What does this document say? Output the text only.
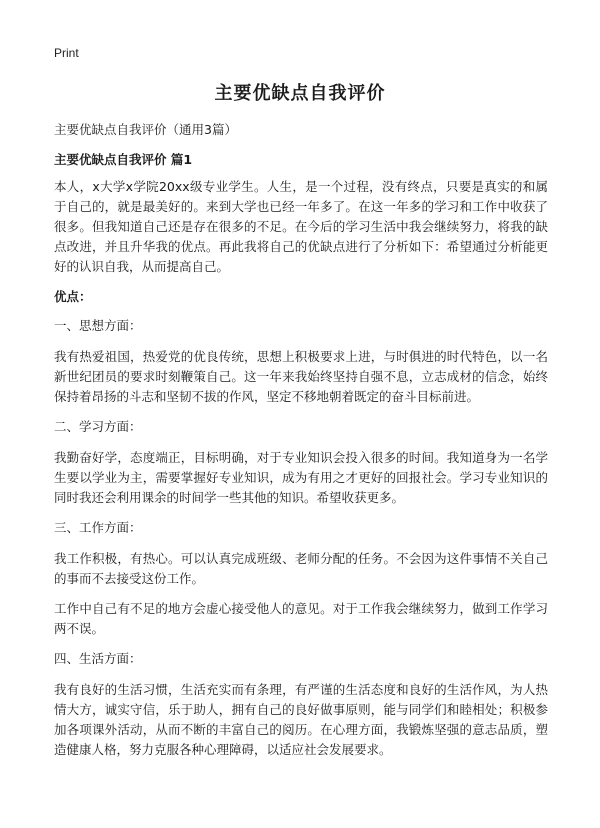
Print
主要优缺点自我评价

主要优缺点自我评价（通用3篇）

主要优缺点自我评价 篇1

本人，x大学x学院20xx级专业学生。人生，是一个过程，没有终点，只要是真实的和属于自己的，就是最美好的。来到大学也已经一年多了。在这一年多的学习和工作中收获了很多。但我知道自己还是存在很多的不足。在今后的学习生活中我会继续努力，将我的缺点改进，并且升华我的优点。再此我将自己的优缺点进行了分析如下：希望通过分析能更好的认识自我，从而提高自己。

优点：

一、思想方面：

我有热爱祖国，热爱党的优良传统，思想上积极要求上进，与时俱进的时代特色，以一名新世纪团员的要求时刻鞭策自己。这一年来我始终坚持自强不息，立志成材的信念，始终保持着昂扬的斗志和坚韧不拔的作风，坚定不移地朝着既定的奋斗目标前进。

二、学习方面：

我勤奋好学，态度端正，目标明确，对于专业知识会投入很多的时间。我知道身为一名学生要以学业为主，需要掌握好专业知识，成为有用之才更好的回报社会。学习专业知识的同时我还会利用课余的时间学一些其他的知识。希望收获更多。

三、工作方面：

我工作积极，有热心。可以认真完成班级、老师分配的任务。不会因为这件事情不关自己的事而不去接受这份工作。

工作中自己有不足的地方会虚心接受他人的意见。对于工作我会继续努力，做到工作学习两不误。

四、生活方面：

我有良好的生活习惯，生活充实而有条理，有严谨的生活态度和良好的生活作风，为人热情大方，诚实守信，乐于助人，拥有自己的良好做事原则，能与同学们和睦相处；积极参加各项课外活动，从而不断的丰富自己的阅历。在心理方面，我锻炼坚强的意志品质，塑造健康人格，努力克服各种心理障碍，以适应社会发展要求。
